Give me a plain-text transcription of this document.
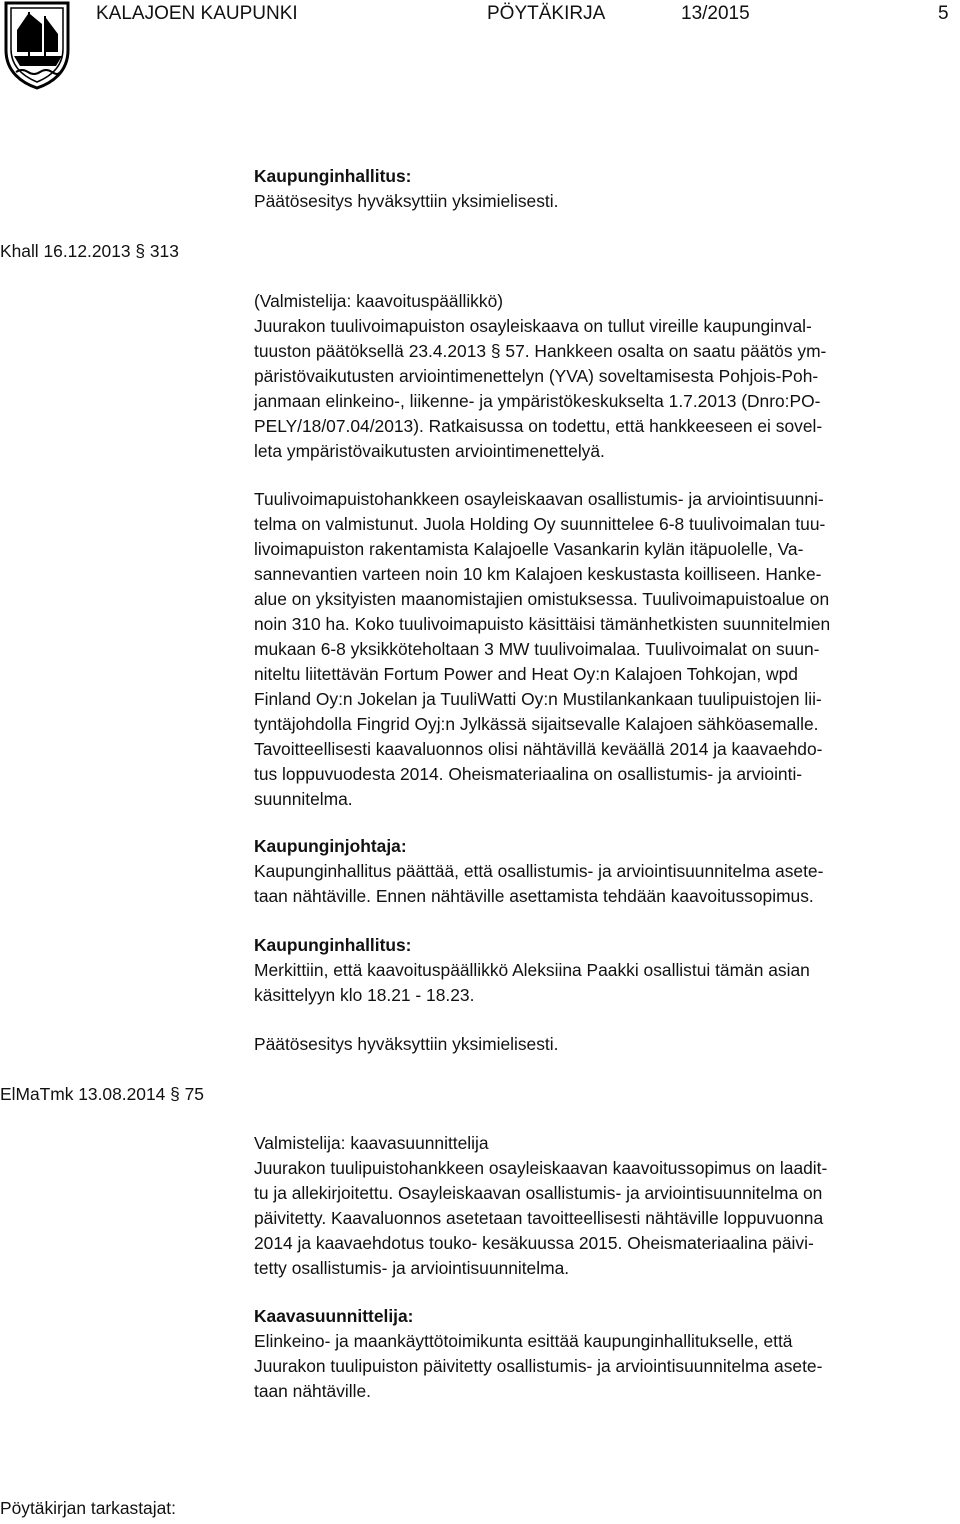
KALAJOEN KAUPUNKI	PÖYTÄKIRJA	13/2015	5

Kaupunginhallitus:

Päätösesitys hyväksyttiin yksimielisesti.

Khall 16.12.2013 § 313

(Valmistelija: kaavoituspäällikkö)

Juurakon tuulivoimapuiston osayleiskaava on tullut vireille kaupunginval-

tuuston päätöksellä 23.4.2013 § 57. Hankkeen osalta on saatu päätös ym-

päristövaikutusten arviointimenettelyn (YVA) soveltamisesta Pohjois-Poh-

janmaan elinkeino-, liikenne- ja ympäristökeskukselta 1.7.2013 (Dnro:PO-

PELY/18/07.04/2013). Ratkaisussa on todettu, että hankkeeseen ei sovel-

leta ympäristövaikutusten arviointimenettelyä.

Tuulivoimapuistohankkeen osayleiskaavan osallistumis- ja arviointisuunni-

telma on valmistunut. Juola Holding Oy suunnittelee 6-8 tuulivoimalan tuu-

livoimapuiston rakentamista Kalajoelle Vasankarin kylän itäpuolelle, Va-

sannevantien varteen noin 10 km Kalajoen keskustasta koilliseen. Hanke-

alue on yksityisten maanomistajien omistuksessa. Tuulivoimapuistoalue on

noin 310 ha. Koko tuulivoimapuisto käsittäisi tämänhetkisten suunnitelmien

mukaan 6-8 yksikköteholtaan 3 MW tuulivoimalaa. Tuulivoimalat on suun-

niteltu liitettävän Fortum Power and Heat Oy:n Kalajoen Tohkojan, wpd

Finland Oy:n Jokelan ja TuuliWatti Oy:n Mustilankankaan tuulipuistojen lii-

tyntäjohdolla Fingrid Oyj:n Jylkässä sijaitsevalle Kalajoen sähköasemalle.

Tavoitteellisesti kaavaluonnos olisi nähtävillä keväällä 2014 ja kaavaehdo-

tus loppuvuodesta 2014. Oheismateriaalina on osallistumis- ja arviointi-

suunnitelma.

Kaupunginjohtaja:

Kaupunginhallitus päättää, että osallistumis- ja arviointisuunnitelma asete-

taan nähtäville. Ennen nähtäville asettamista tehdään kaavoitussopimus.

Kaupunginhallitus:

Merkittiin, että kaavoituspäällikkö Aleksiina Paakki osallistui tämän asian

käsittelyyn klo 18.21 - 18.23.

Päätösesitys hyväksyttiin yksimielisesti.

ElMaTmk 13.08.2014 § 75

Valmistelija: kaavasuunnittelija

Juurakon tuulipuistohankkeen osayleiskaavan kaavoitussopimus on laadit-

tu ja allekirjoitettu. Osayleiskaavan osallistumis- ja arviointisuunnitelma on

päivitetty. Kaavaluonnos asetetaan tavoitteellisesti nähtäville loppuvuonna

2014 ja kaavaehdotus touko- kesäkuussa 2015. Oheismateriaalina päivi-

tetty osallistumis- ja arviointisuunnitelma.

Kaavasuunnittelija:

Elinkeino- ja maankäyttötoimikunta esittää kaupunginhallitukselle, että

Juurakon tuulipuiston päivitetty osallistumis- ja arviointisuunnitelma asete-

taan nähtäville.

Pöytäkirjan tarkastajat:
